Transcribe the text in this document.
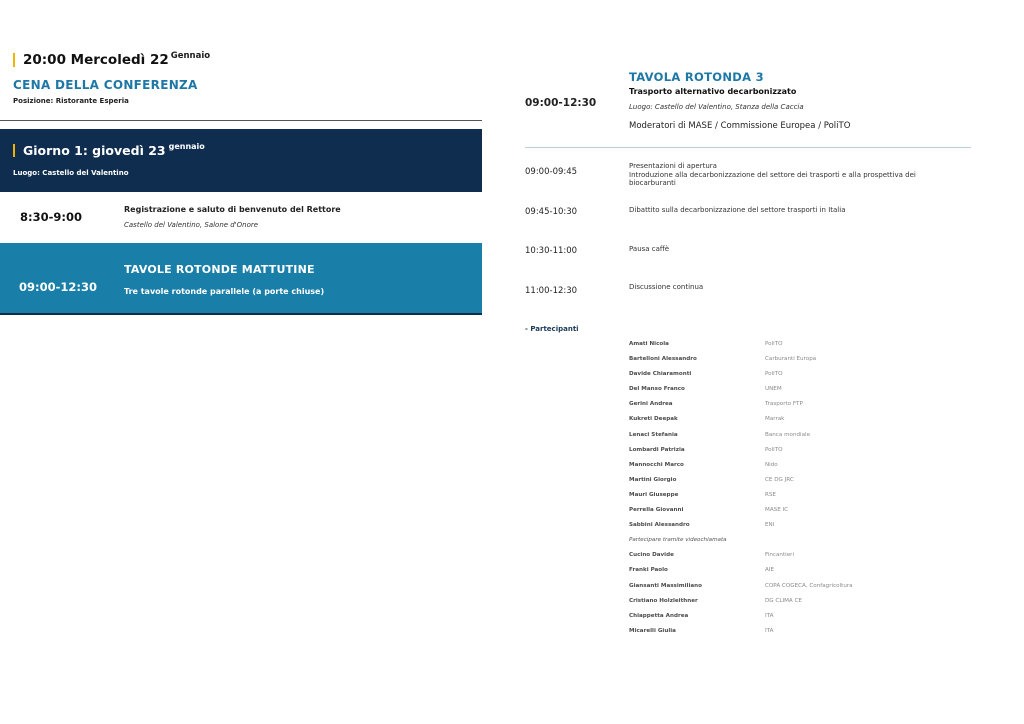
20:00 Mercoledì $22^{Gennaio}$
CENA DELLA CONFERENZA
Posizione: Ristorante Esperia
Giorno 1: giovedì 23 $^{gennaio}$
Luogo: Castello del Valentino
8:30-9:00
Registrazione e saluto di benvenuto del Rettore
Castello del Valentino, Salone d'Onore
09:00-12:30
TAVOLE ROTONDE MATTUTINE
Tre tavole rotonde parallele (a porte chiuse)
09:00-12:30
TAVOLA ROTONDA 3
Trasporto alternativo decarbonizzato
Luogo: Castello del Valentino, Stanza della Caccia
Moderatori di MASE / Commissione Europea / PoliTO
09:00-09:45
Presentazioni di apertura
Introduzione alla decarbonizzazione del settore dei trasporti e alla prospettiva dei biocarburanti
09:45-10:30	Dibattito sulla decarbonizzazione del settore trasporti in Italia
10:30-11:00	Pausa caffè
11:00-12:30	Discussione continua
- Partecipanti
Amati Nicola	PoliTO
Bartelloni Alessandro	Carburanti Europa
Davide Chiaramonti	PoliTO
Del Manso Franco	UNEM
Gerini Andrea	Trasporto FTP
Kukreti Deepak	Marrak
Lenaci Stefania	Banca mondiale
Lombardi Patrizia	PoliTO
Mannocchi Marco	Nido
Martini Giorgio	CE DG JRC
Mauri Giuseppe	RSE
Perrella Giovanni	MASE IC
Sabbini Alessandro	ENI
Partecipare tramite videochiamata
Cucino Davide	Fincantieri
Franki Paolo	AIE
Giansanti Massimiliano	COPA COGECA, Confagricoltura
Cristiano Holzleithner	DG CLIMA CE
Chiappetta Andrea	ITA
Micarelli Giulia	ITA
